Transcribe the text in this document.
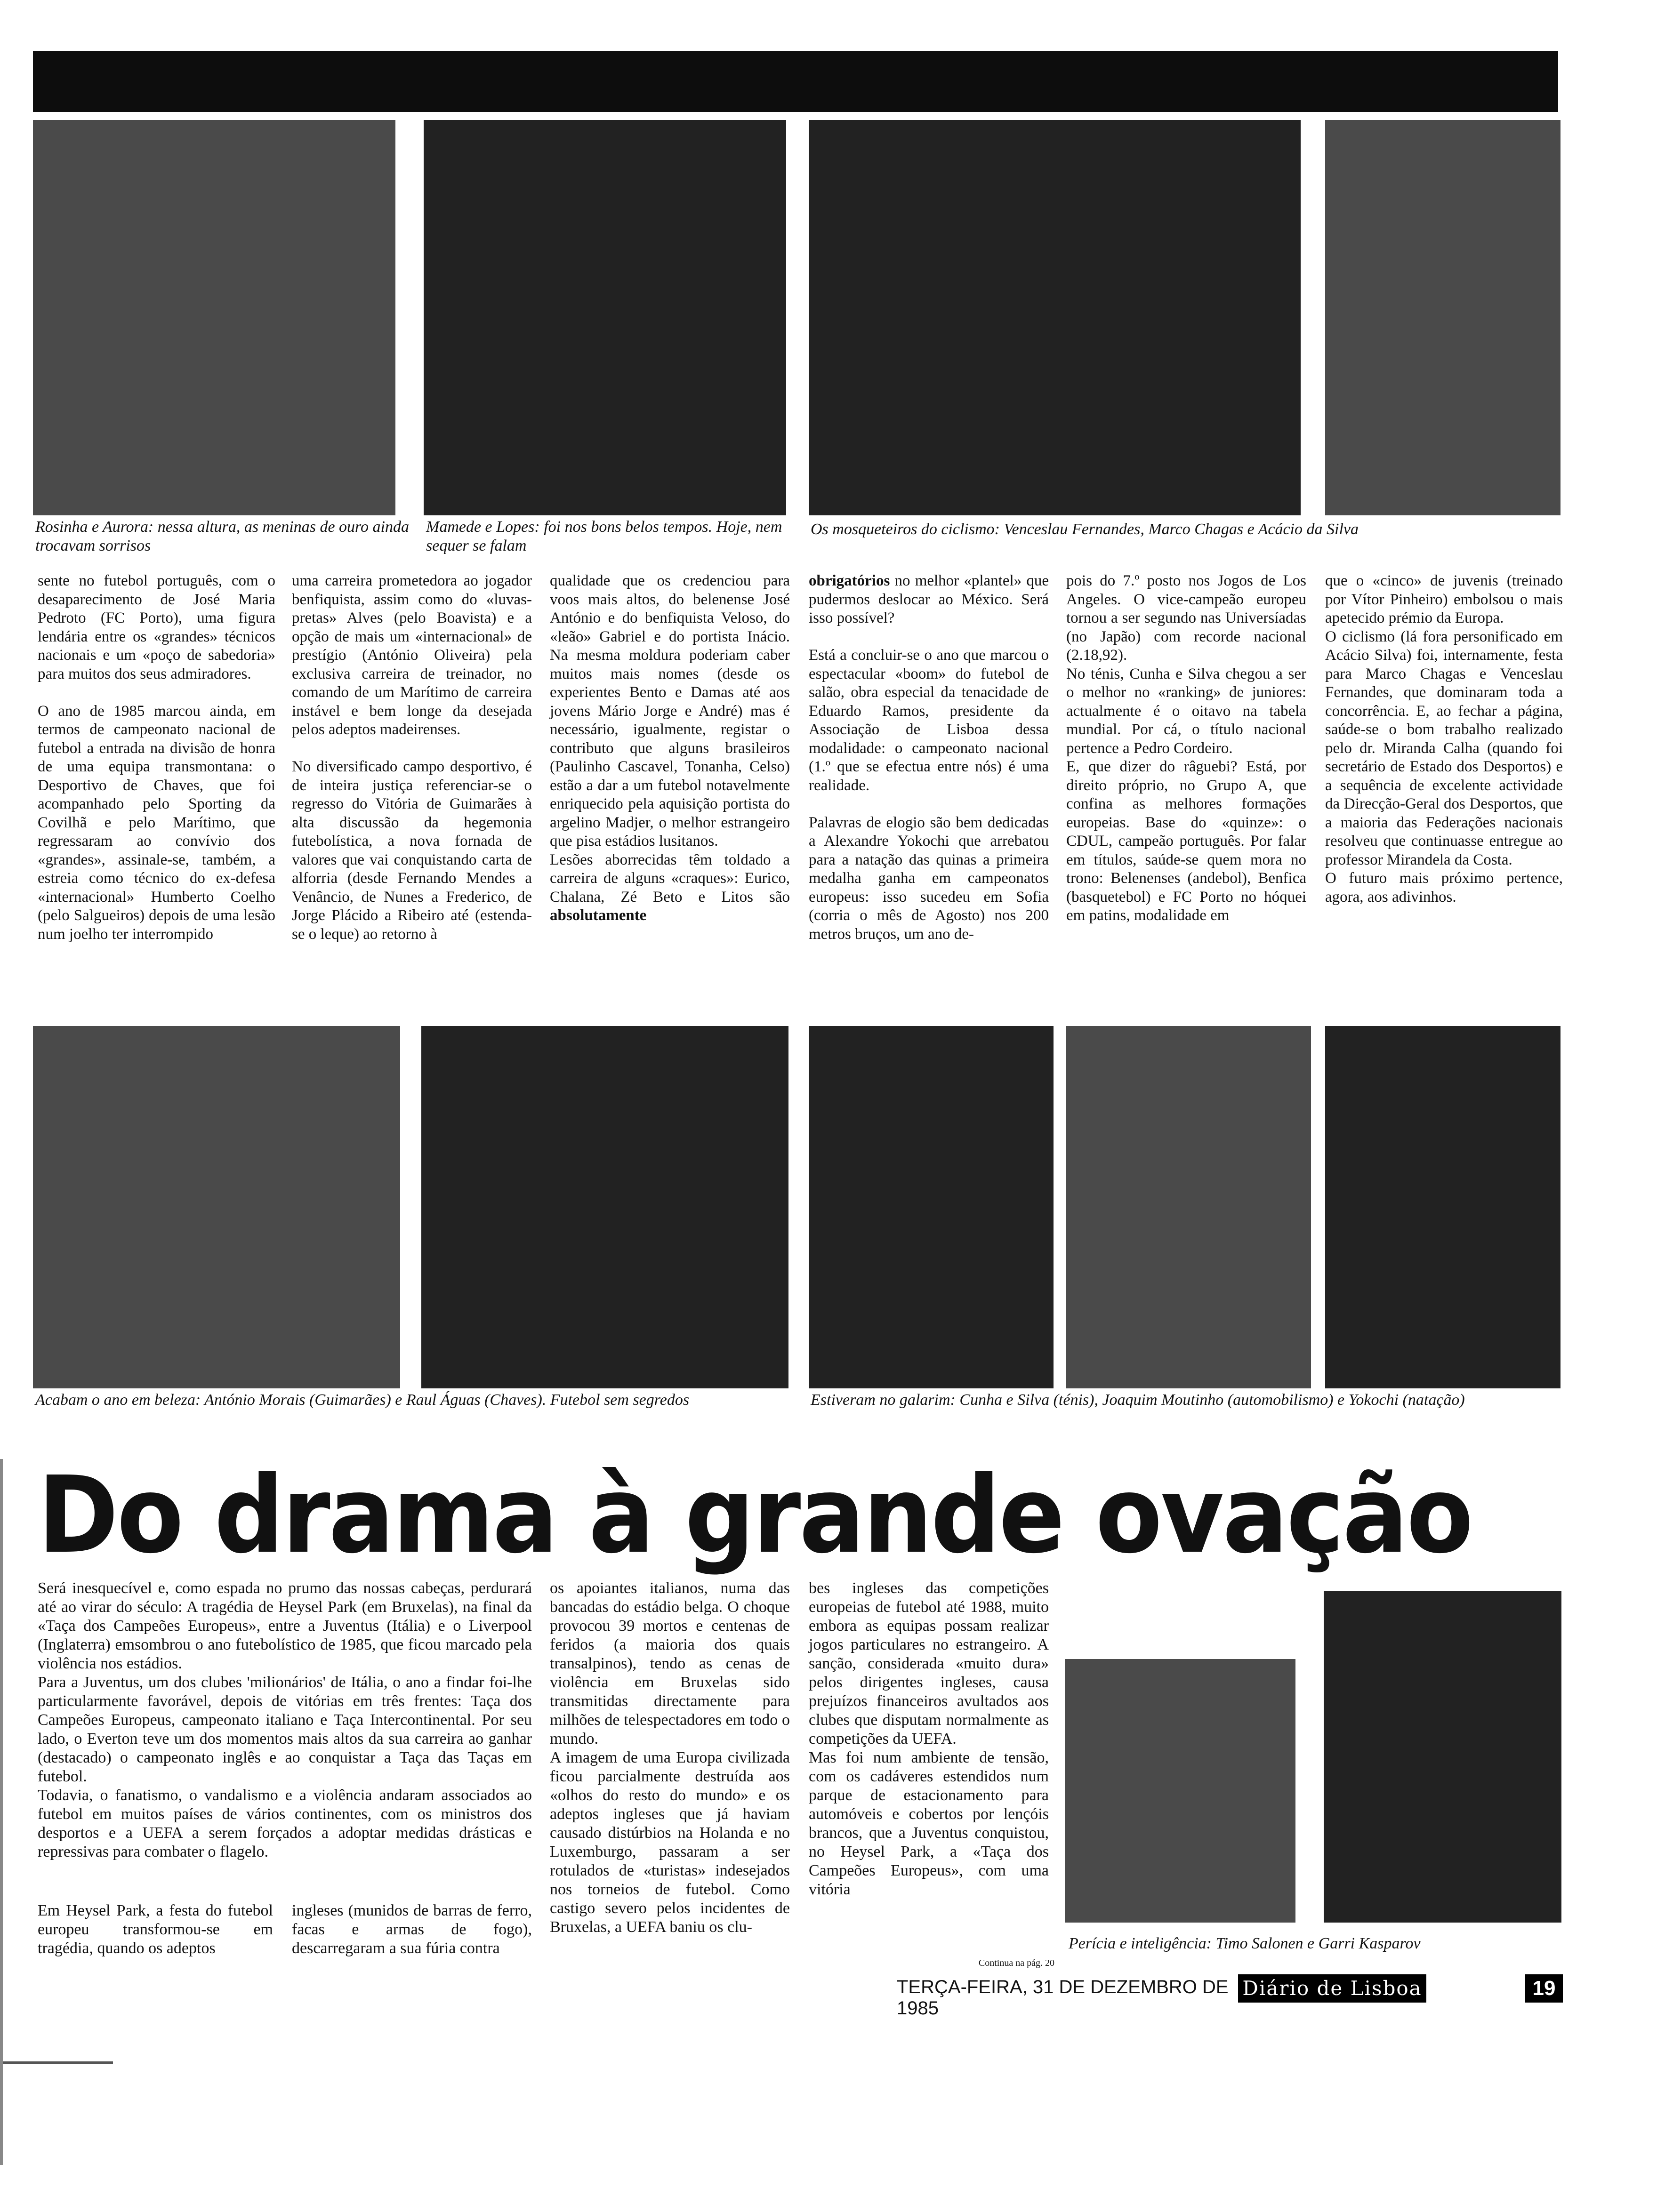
Rosinha e Aurora: nessa altura, as meninas de ouro ainda trocavam sorrisos
Mamede e Lopes: foi nos bons belos tempos. Hoje, nem sequer se falam
Os mosqueteiros do ciclismo: Venceslau Fernandes, Marco Chagas e Acácio da Silva
sente no futebol português, com o desaparecimento de José Maria Pedroto (FC Porto), uma figura lendária entre os «grandes» técnicos nacionais e um «poço de sabedoria» para muitos dos seus admiradores.

O ano de 1985 marcou ainda, em termos de campeonato nacional de futebol a entrada na divisão de honra de uma equipa transmontana: o Desportivo de Chaves, que foi acompanhado pelo Sporting da Covilhã e pelo Marítimo, que regressaram ao convívio dos «grandes», assinale-se, também, a estreia como técnico do ex-defesa «internacional» Humberto Coelho (pelo Salgueiros) depois de uma lesão num joelho ter interrompido
uma carreira prometedora ao jogador benfiquista, assim como do «luvas-pretas» Alves (pelo Boavista) e a opção de mais um «internacional» de prestígio (António Oliveira) pela exclusiva carreira de treinador, no comando de um Marítimo de carreira instável e bem longe da desejada pelos adeptos madeirenses.

No diversificado campo desportivo, é de inteira justiça referenciar-se o regresso do Vitória de Guimarães à alta discussão da hegemonia futebolística, a nova fornada de valores que vai conquistando carta de alforria (desde Fernando Mendes a Venâncio, de Nunes a Frederico, de Jorge Plácido a Ribeiro até (estenda-se o leque) ao retorno à
qualidade que os credenciou para voos mais altos, do belenense José António e do benfiquista Veloso, do «leão» Gabriel e do portista Inácio. Na mesma moldura poderiam caber muitos mais nomes (desde os experientes Bento e Damas até aos jovens Mário Jorge e André) mas é necessário, igualmente, registar o contributo que alguns brasileiros (Paulinho Cascavel, Tonanha, Celso) estão a dar a um futebol notavelmente enriquecido pela aquisição portista do argelino Madjer, o melhor estrangeiro que pisa estádios lusitanos.
Lesões aborrecidas têm toldado a carreira de alguns «craques»: Eurico, Chalana, Zé Beto e Litos são absolutamente
obrigatórios no melhor «plantel» que pudermos deslocar ao México. Será isso possível?

Está a concluir-se o ano que marcou o espectacular «boom» do futebol de salão, obra especial da tenacidade de Eduardo Ramos, presidente da Associação de Lisboa dessa modalidade: o campeonato nacional (1.º que se efectua entre nós) é uma realidade.

Palavras de elogio são bem dedicadas a Alexandre Yokochi que arrebatou para a natação das quinas a primeira medalha ganha em campeonatos europeus: isso sucedeu em Sofia (corria o mês de Agosto) nos 200 metros bruços, um ano de-
pois do 7.º posto nos Jogos de Los Angeles. O vice-campeão europeu tornou a ser segundo nas Universíadas (no Japão) com recorde nacional (2.18,92).
No ténis, Cunha e Silva chegou a ser o melhor no «ranking» de juniores: actualmente é o oitavo na tabela mundial. Por cá, o título nacional pertence a Pedro Cordeiro.
E, que dizer do râguebi? Está, por direito próprio, no Grupo A, que confina as melhores formações europeias. Base do «quinze»: o CDUL, campeão português. Por falar em títulos, saúde-se quem mora no trono: Belenenses (andebol), Benfica (basquetebol) e FC Porto no hóquei em patins, modalidade em
que o «cinco» de juvenis (treinado por Vítor Pinheiro) embolsou o mais apetecido prémio da Europa.
O ciclismo (lá fora personificado em Acácio Silva) foi, internamente, festa para Marco Chagas e Venceslau Fernandes, que dominaram toda a concorrência. E, ao fechar a página, saúde-se o bom trabalho realizado pelo dr. Miranda Calha (quando foi secretário de Estado dos Desportos) e a sequência de excelente actividade da Direcção-Geral dos Desportos, que a maioria das Federações nacionais resolveu que continuasse entregue ao professor Mirandela da Costa.
O futuro mais próximo pertence, agora, aos adivinhos.
Acabam o ano em beleza: António Morais (Guimarães) e Raul Águas (Chaves). Futebol sem segredos	Estiveram no galarim: Cunha e Silva (ténis), Joaquim Moutinho (automobilismo) e Yokochi (natação)
Do drama à grande ovação
Será inesquecível e, como espada no prumo das nossas cabeças, perdurará até ao virar do século: A tragédia de Heysel Park (em Bruxelas), na final da «Taça dos Campeões Europeus», entre a Juventus (Itália) e o Liverpool (Inglaterra) emsombrou o ano futebolístico de 1985, que ficou marcado pela violência nos estádios.
Para a Juventus, um dos clubes 'milionários' de Itália, o ano a findar foi-lhe particularmente favorável, depois de vitórias em três frentes: Taça dos Campeões Europeus, campeonato italiano e Taça Intercontinental. Por seu lado, o Everton teve um dos momentos mais altos da sua carreira ao ganhar (destacado) o campeonato inglês e ao conquistar a Taça das Taças em futebol.
Todavia, o fanatismo, o vandalismo e a violência andaram associados ao futebol em muitos países de vários continentes, com os ministros dos desportos e a UEFA a serem forçados a adoptar medidas drásticas e repressivas para combater o flagelo.
Em Heysel Park, a festa do futebol europeu transformou-se em tragédia, quando os adeptos
ingleses (munidos de barras de ferro, facas e armas de fogo), descarregaram a sua fúria contra
os apoiantes italianos, numa das bancadas do estádio belga. O choque provocou 39 mortos e centenas de feridos (a maioria dos quais transalpinos), tendo as cenas de violência em Bruxelas sido transmitidas directamente para milhões de telespectadores em todo o mundo.
A imagem de uma Europa civilizada ficou parcialmente destruída aos «olhos do resto do mundo» e os adeptos ingleses que já haviam causado distúrbios na Holanda e no Luxemburgo, passaram a ser rotulados de «turistas» indesejados nos torneios de futebol. Como castigo severo pelos incidentes de Bruxelas, a UEFA baniu os clu-
bes ingleses das competições europeias de futebol até 1988, muito embora as equipas possam realizar jogos particulares no estrangeiro. A sanção, considerada «muito dura» pelos dirigentes ingleses, causa prejuízos financeiros avultados aos clubes que disputam normalmente as competições da UEFA.
Mas foi num ambiente de tensão, com os cadáveres estendidos num parque de estacionamento para automóveis e cobertos por lençóis brancos, que a Juventus conquistou, no Heysel Park, a «Taça dos Campeões Europeus», com uma vitória
Perícia e inteligência: Timo Salonen e Garri Kasparov
Continua na pág. 20
TERÇA-FEIRA, 31 DE DEZEMBRO DE 1985
Diário de Lisboa	19
